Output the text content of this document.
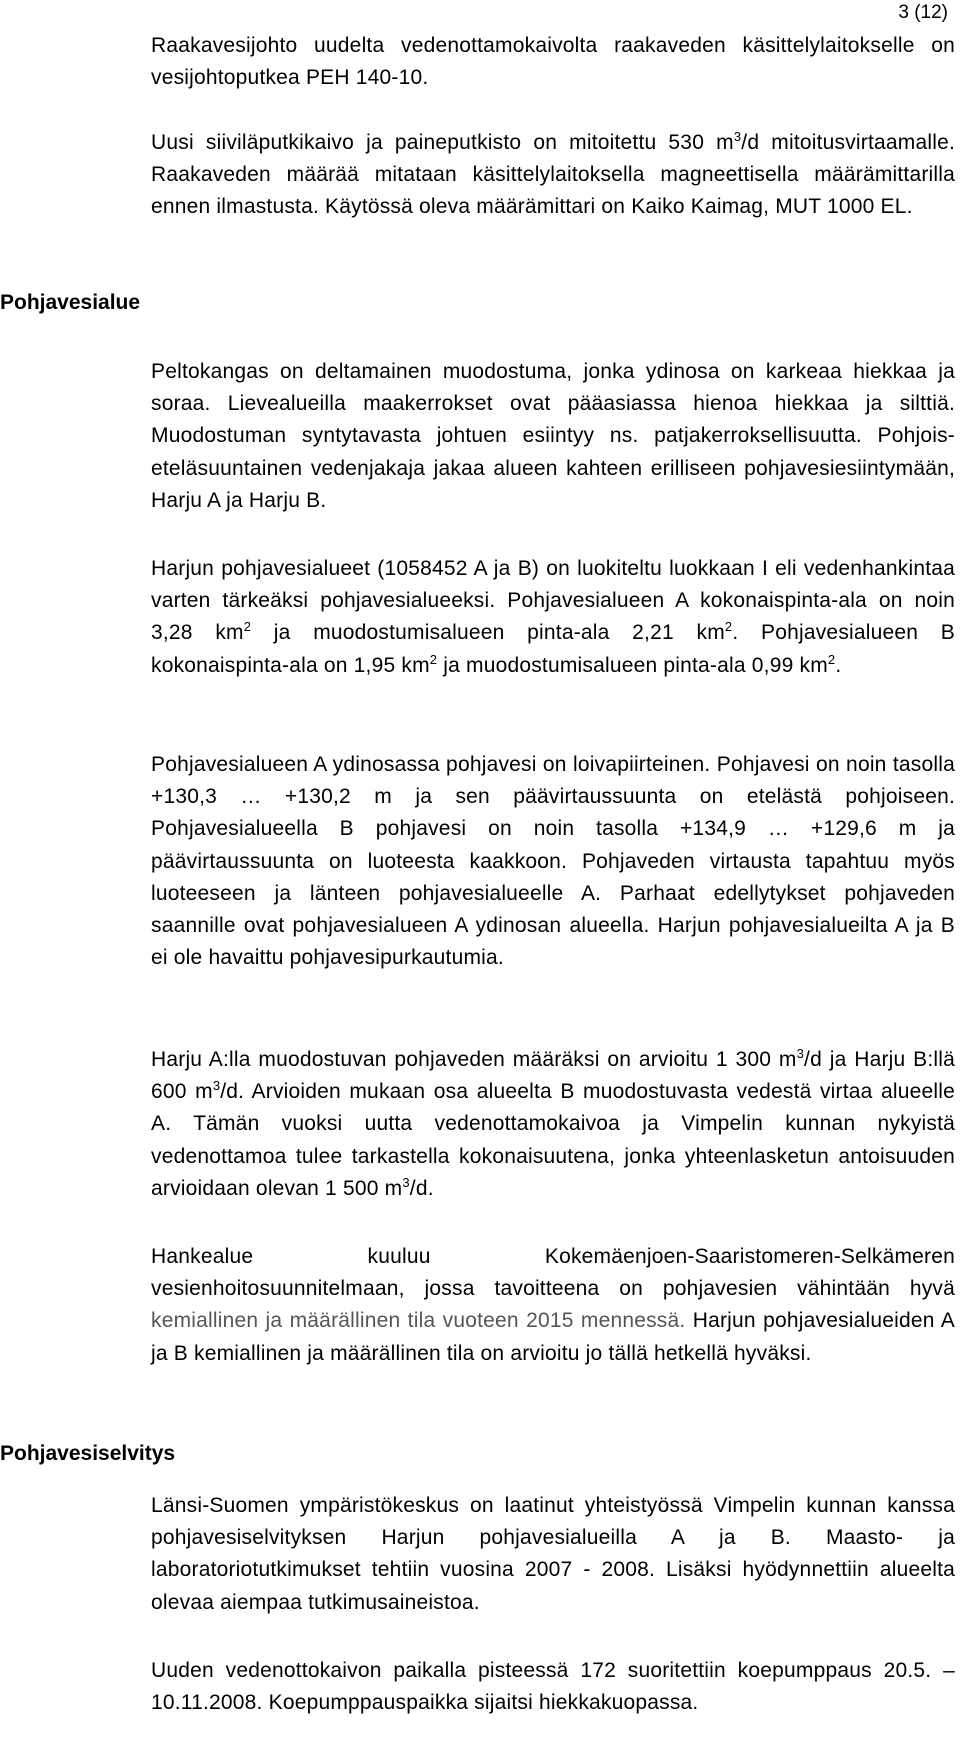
3 (12)
Pohjavesialue
Pohjavesiselvitys

Raakavesijohto uudelta vedenottamokaivolta raakaveden käsittelylaitokselle on vesijohtoputkea PEH 140-10.

Uusi siiviläputkikaivo ja paineputkisto on mitoitettu 530 $m^3/d$ mitoitusvirtaamalle. Raakaveden määrää mitataan käsittelylaitoksella magneettisella määrämittarilla ennen ilmastusta. Käytössä oleva määrämittari on Kaiko Kaimag, MUT 1000 EL.

Peltokangas on deltamainen muodostuma, jonka ydinosa on karkeaa hiekkaa ja soraa. Lievealueilla maakerrokset ovat pääasiassa hienoa hiekkaa ja silttiä. Muodostuman syntytavasta johtuen esiintyy ns. patjakerroksellisuutta. Pohjois-eteläsuuntainen vedenjakaja jakaa alueen kahteen erilliseen pohjavesiesiintymään, Harju A ja Harju B.

Harjun pohjavesialueet (1058452 A ja B) on luokiteltu luokkaan I eli vedenhankintaa varten tärkeäksi pohjavesialueeksi. Pohjavesialueen A kokonaispinta-ala on noin 3,28 $km^2$ ja muodostumisalueen pinta-ala 2,21 $km^2$. Pohjavesialueen B kokonaispinta-ala on 1,95 $km^2$ ja muodostumisalueen pinta-ala 0,99 $km^2$.

Pohjavesialueen A ydinosassa pohjavesi on loivapiirteinen. Pohjavesi on noin tasolla +130,3 … +130,2 m ja sen päävirtaussuunta on etelästä pohjoiseen. Pohjavesialueella B pohjavesi on noin tasolla +134,9 … +129,6 m ja päävirtaussuunta on luoteesta kaakkoon. Pohjaveden virtausta tapahtuu myös luoteeseen ja länteen pohjavesialueelle A. Parhaat edellytykset pohjaveden saannille ovat pohjavesialueen A ydinosan alueella. Harjun pohjavesialueilta A ja B ei ole havaittu pohjavesipurkautumia.

Harju A:lla muodostuvan pohjaveden määräksi on arvioitu 1 300 $m^3/d$ ja Harju B:llä 600 $m^3/d$. Arvioiden mukaan osa alueelta B muodostuvasta vedestä virtaa alueelle A. Tämän vuoksi uutta vedenottamokaivoa ja Vimpelin kunnan nykyistä vedenottamoa tulee tarkastella kokonaisuutena, jonka yhteenlasketun antoisuuden arvioidaan olevan 1 500 $m^3/d$.

Hankealue kuuluu Kokemäenjoen-Saaristomeren-Selkämeren vesienhoitosuunnitelmaan, jossa tavoitteena on pohjavesien vähintään hyvä kemiallinen ja määrällinen tila vuoteen 2015 mennessä. Harjun pohjavesialueiden A ja B kemiallinen ja määrällinen tila on arvioitu jo tällä hetkellä hyväksi.

Länsi-Suomen ympäristökeskus on laatinut yhteistyössä Vimpelin kunnan kanssa pohjavesiselvityksen Harjun pohjavesialueilla A ja B. Maasto- ja laboratoriotutkimukset tehtiin vuosina 2007 - 2008. Lisäksi hyödynnettiin alueelta olevaa aiempaa tutkimusaineistoa.

Uuden vedenottokaivon paikalla pisteessä 172 suoritettiin koepumppaus 20.5. – 10.11.2008. Koepumppauspaikka sijaitsi hiekkakuopassa.
